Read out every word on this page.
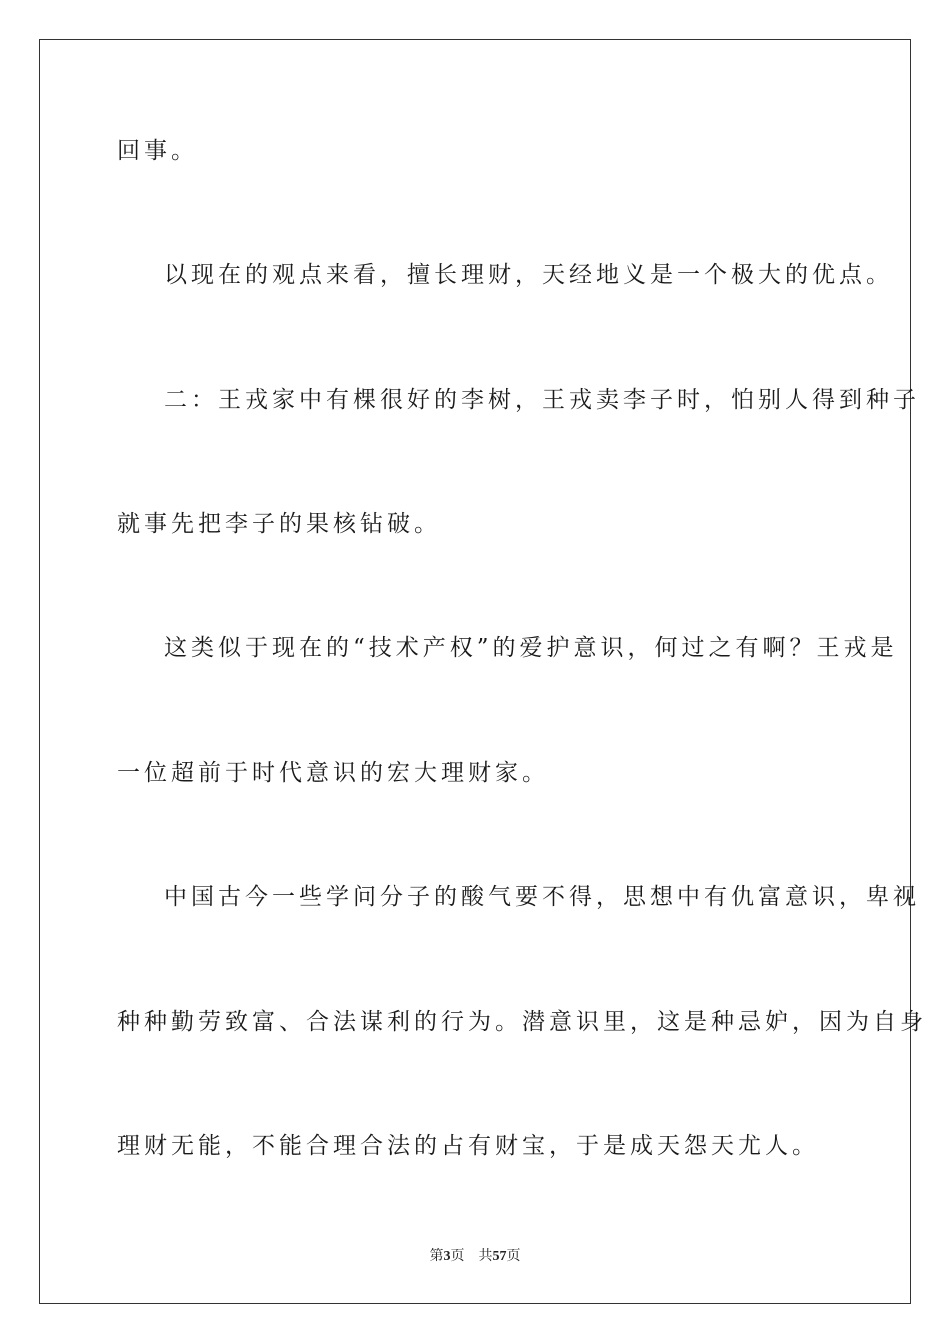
回事。
以现在的观点来看，擅长理财，天经地义是一个极大的优点。
二：王戎家中有棵很好的李树，王戎卖李子时，怕别人得到种子
就事先把李子的果核钻破。
这类似于现在的“技术产权”的爱护意识，何过之有啊？王戎是
一位超前于时代意识的宏大理财家。
中国古今一些学问分子的酸气要不得，思想中有仇富意识，卑视
种种勤劳致富、合法谋利的行为。潜意识里，这是种忌妒，因为自身
理财无能，不能合理合法的占有财宝，于是成天怨天尤人。
第3页 共57页
